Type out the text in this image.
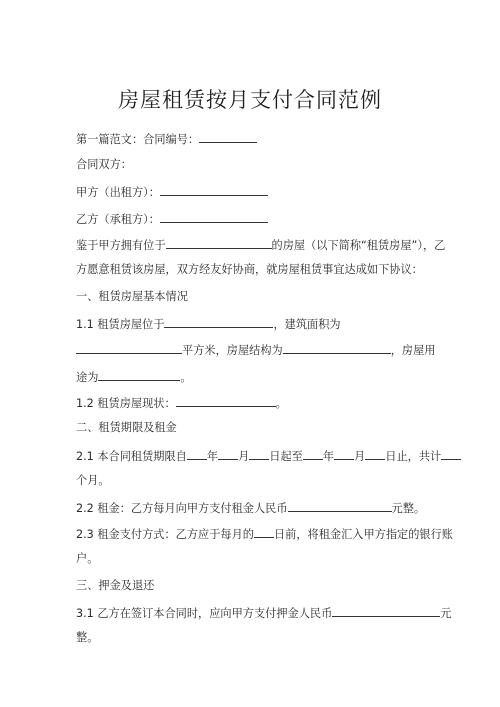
房屋租赁按月支付合同范例
第一篇范文：合同编号：
合同双方：
甲方（出租方）：
乙方（承租方）：
鉴于甲方拥有位于	的房屋（以下简称“租赁房屋”），乙
方愿意租赁该房屋，双方经友好协商，就房屋租赁事宜达成如下协议：
一、租赁房屋基本情况
1.1 租赁房屋位于	，建筑面积为
平方米，房屋结构为	，房屋用
途为	。
1.2 租赁房屋现状：	。
二、租赁期限及租金
2.1 本合同租赁期限自 年 月 日起至 年 月 日止，共计
个月。
2.2 租金：乙方每月向甲方支付租金人民币	元整。
2.3 租金支付方式：乙方应于每月的 日前，将租金汇入甲方指定的银行账
户。
三、押金及退还
3.1 乙方在签订本合同时，应向甲方支付押金人民币	元
整。
